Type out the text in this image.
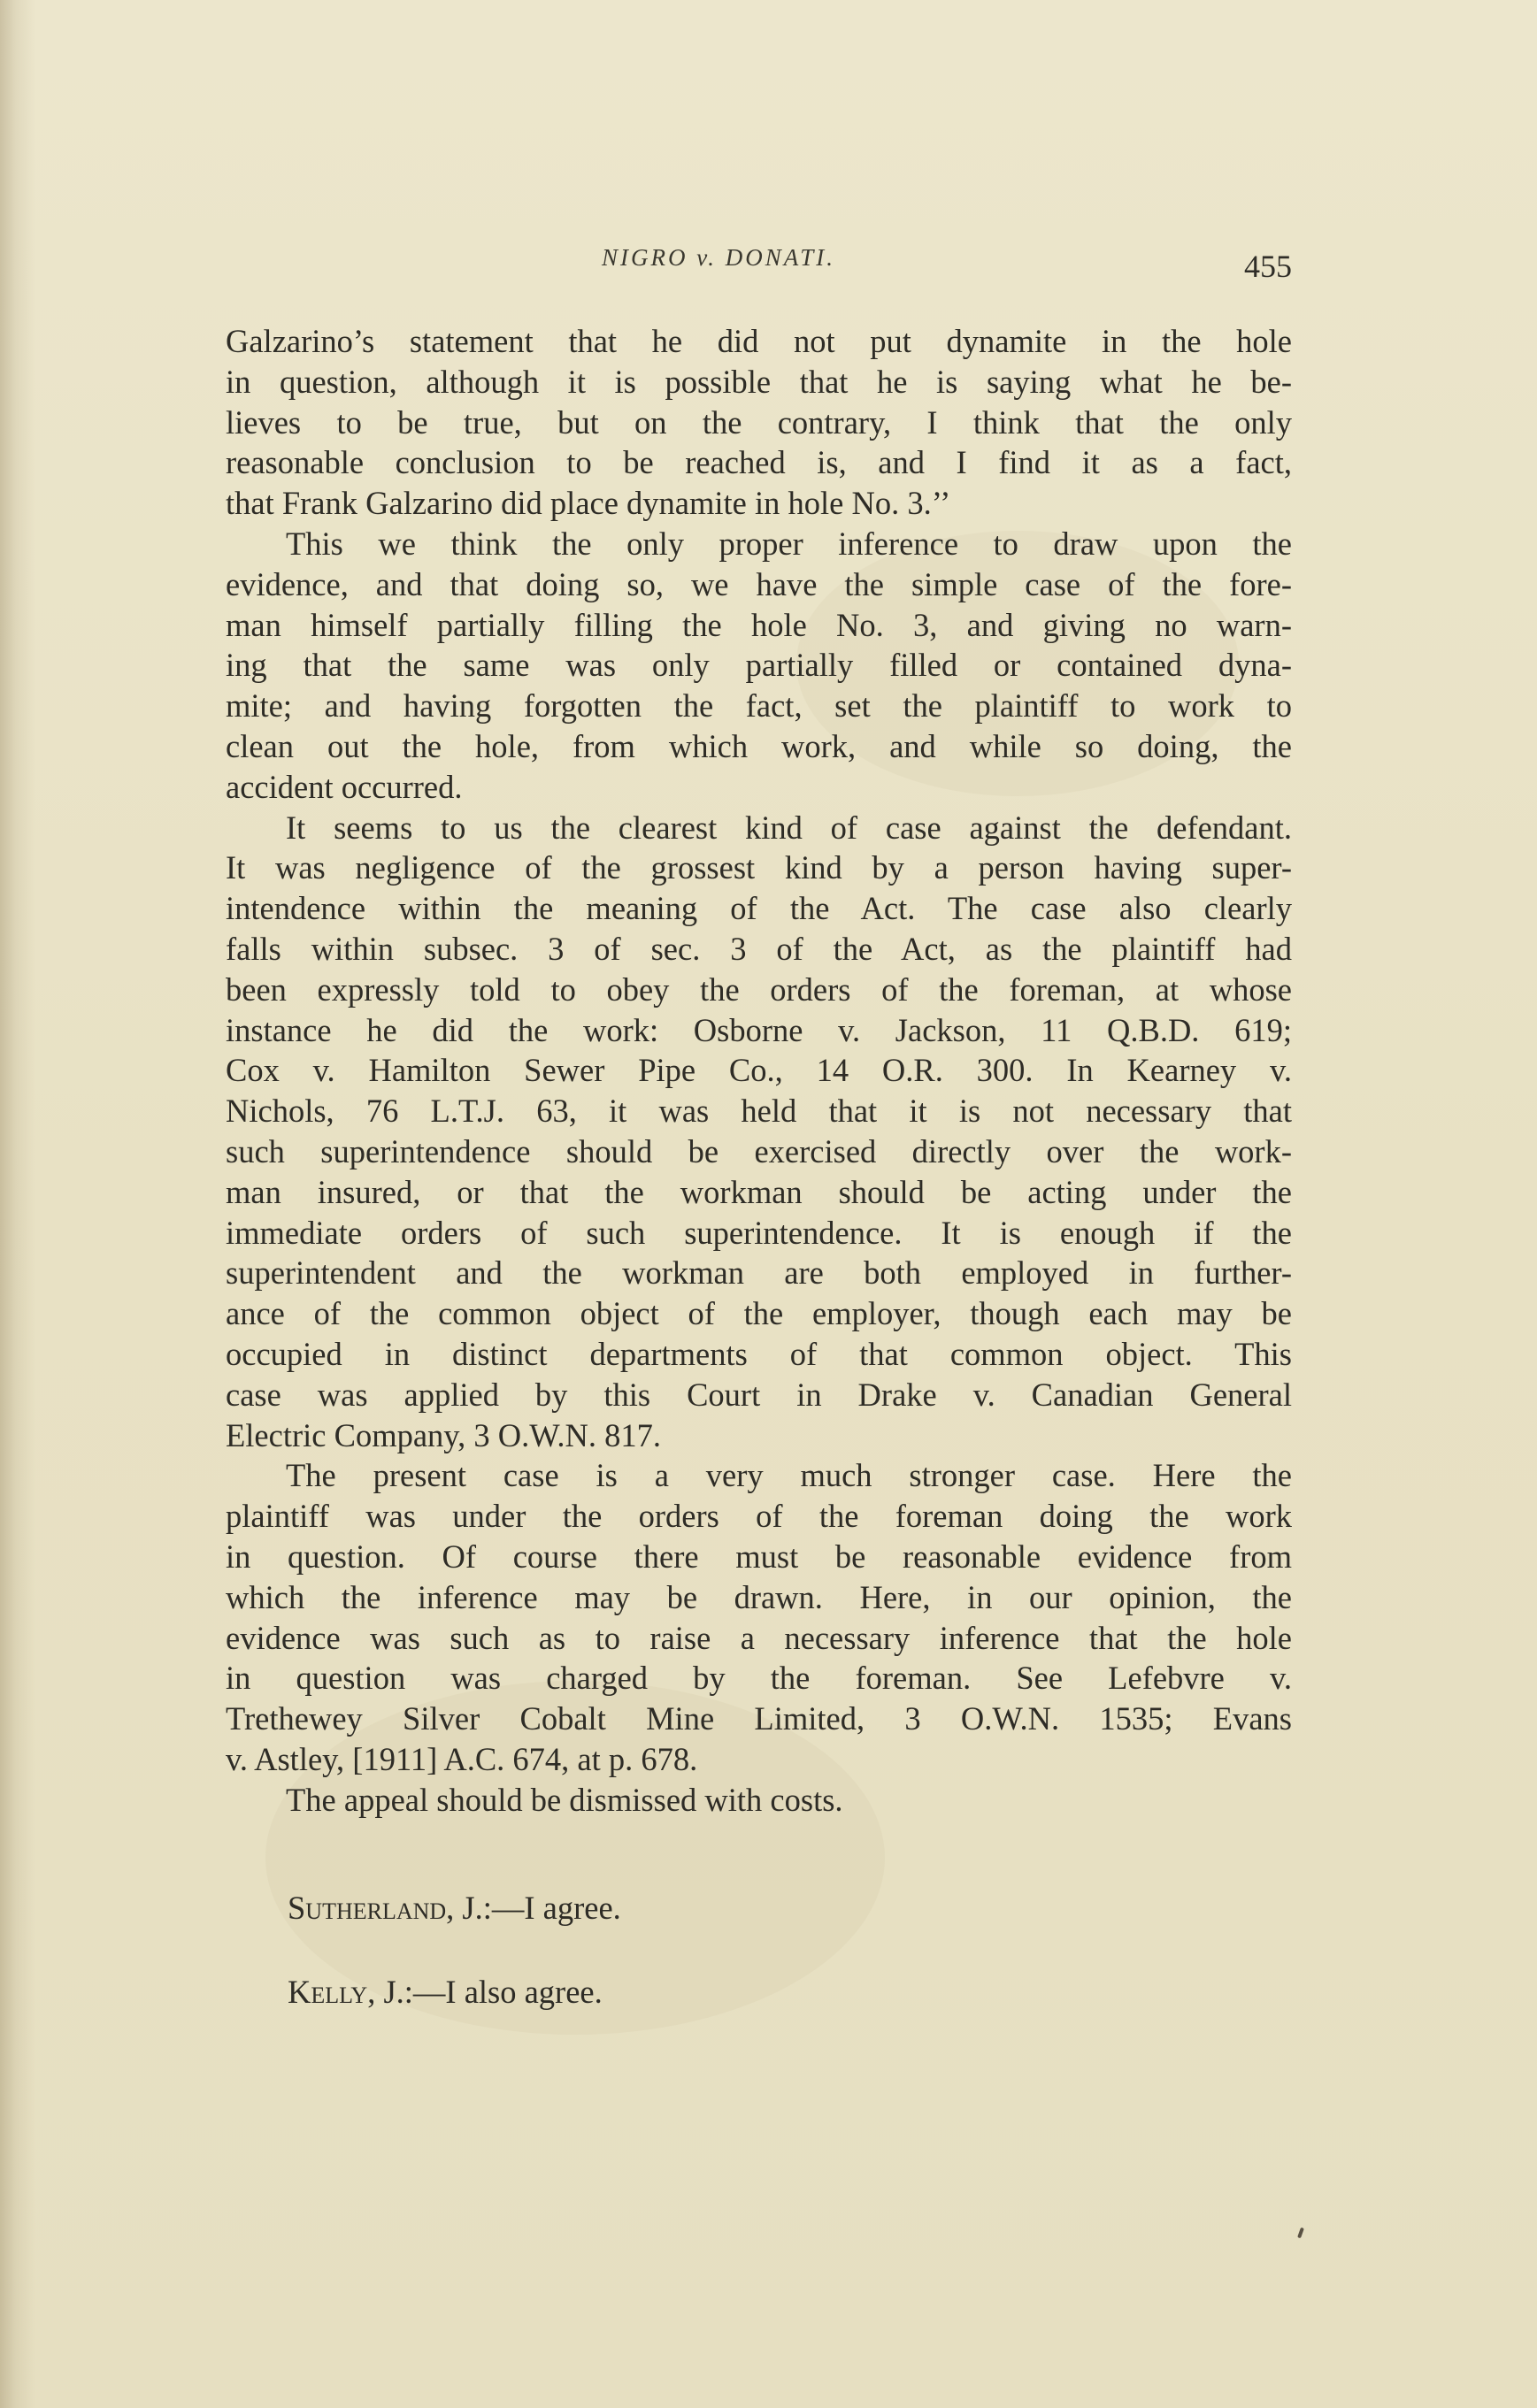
NIGRO v. DONATI.	455

Galzarino’s statement that he did not put dynamite in the hole
in question, although it is possible that he is saying what he be-
lieves to be true, but on the contrary, I think that the only
reasonable conclusion to be reached is, and I find it as a fact,
that Frank Galzarino did place dynamite in hole No. 3.’’

This we think the only proper inference to draw upon the
evidence, and that doing so, we have the simple case of the fore-
man himself partially filling the hole No. 3, and giving no warn-
ing that the same was only partially filled or contained dyna-
mite; and having forgotten the fact, set the plaintiff to work to
clean out the hole, from which work, and while so doing, the
accident occurred.

It seems to us the clearest kind of case against the defendant.
It was negligence of the grossest kind by a person having super-
intendence within the meaning of the Act. The case also clearly
falls within subsec. 3 of sec. 3 of the Act, as the plaintiff had
been expressly told to obey the orders of the foreman, at whose
instance he did the work: Osborne v. Jackson, 11 Q.B.D. 619;
Cox v. Hamilton Sewer Pipe Co., 14 O.R. 300. In Kearney v.
Nichols, 76 L.T.J. 63, it was held that it is not necessary that
such superintendence should be exercised directly over the work-
man insured, or that the workman should be acting under the
immediate orders of such superintendence. It is enough if the
superintendent and the workman are both employed in further-
ance of the common object of the employer, though each may be
occupied in distinct departments of that common object. This
case was applied by this Court in Drake v. Canadian General
Electric Company, 3 O.W.N. 817.

The present case is a very much stronger case. Here the
plaintiff was under the orders of the foreman doing the work
in question. Of course there must be reasonable evidence from
which the inference may be drawn. Here, in our opinion, the
evidence was such as to raise a necessary inference that the hole
in question was charged by the foreman. See Lefebvre v.
Trethewey Silver Cobalt Mine Limited, 3 O.W.N. 1535; Evans
v. Astley, [1911] A.C. 674, at p. 678.

The appeal should be dismissed with costs.

Sutherland, J.:—I agree.
Kelly, J.:—I also agree.
